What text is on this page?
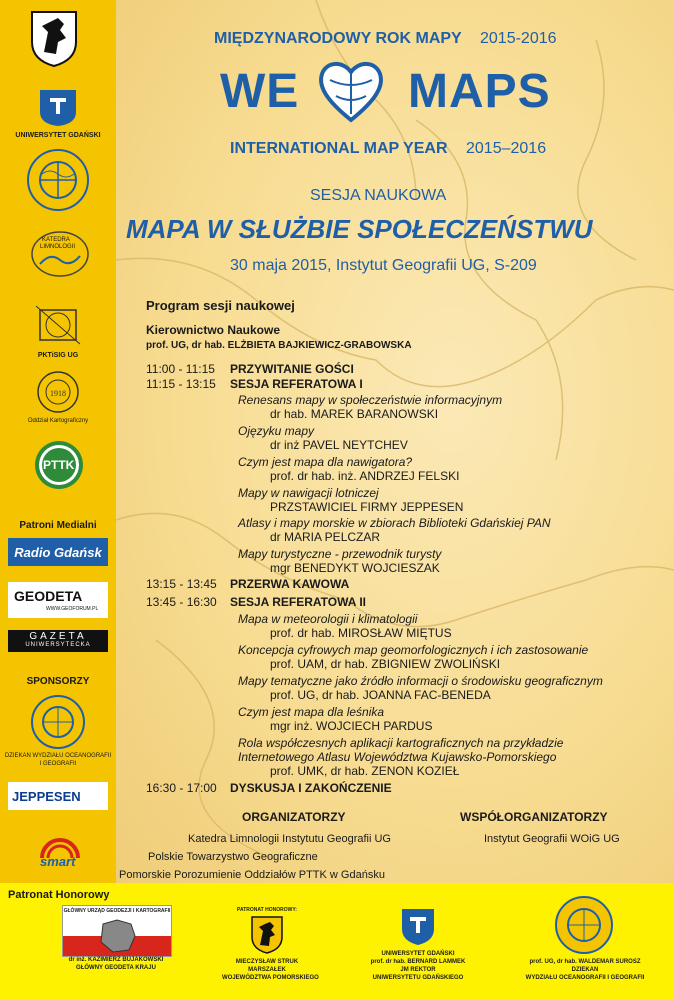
UNIWERSYTET GDAŃSKI
KATEDRA
LIMNOLOGII
PKTiSIG UG
1918
Oddział Kartograficzny
PTTK
Patroni Medialni
Radio Gdańsk
GEODETA
WWW.GEOFORUM.PL
GAZETA
UNIWERSYTECKA
SPONSORZY
DZIEKAN WYDZIAŁU OCEANOGRAFII I GEOGRAFII
JEPPESEN
smart
MIĘDZYNARODOWY ROK MAPY 2015-2016
WE MAPS
INTERNATIONAL MAP YEAR 2015–2016
SESJA NAUKOWA
MAPA W SŁUŻBIE SPOŁECZEŃSTWU
30 maja 2015, Instytut Geografii UG, S-209
Program sesji naukowej
Kierownictwo Naukowe
prof. UG, dr hab. ELŻBIETA BAJKIEWICZ-GRABOWSKA
11:00 - 11:15 PRZYWITANIE GOŚCI
11:15 - 13:15 SESJA REFERATOWA I
Renesans mapy w społeczeństwie informacyjnym
dr hab. MAREK BARANOWSKI
Ojęzyku mapy
dr inż PAVEL NEYTCHEV
Czym jest mapa dla nawigatora?
prof. dr hab. inż. ANDRZEJ FELSKI
Mapy w nawigacji lotniczej
PRZSTAWICIEL FIRMY JEPPESEN
Atlasy i mapy morskie w zbiorach Biblioteki Gdańskiej PAN
dr MARIA PELCZAR
Mapy turystyczne - przewodnik turysty
mgr BENEDYKT WOJCIESZAK
13:15 - 13:45 PRZERWA KAWOWA
13:45 - 16:30 SESJA REFERATOWA II
Mapa w meteorologii i klimatologii
prof. dr hab. MIROSŁAW MIĘTUS
Koncepcja cyfrowych map geomorfologicznych i ich zastosowanie
prof. UAM, dr hab. ZBIGNIEW ZWOLIŃSKI
Mapy tematyczne jako źródło informacji o środowisku geograficznym
prof. UG, dr hab. JOANNA FAC-BENEDA
Czym jest mapa dla leśnika
mgr inż. WOJCIECH PARDUS
Rola współczesnych aplikacji kartograficznych na przykładzie
Internetowego Atlasu Województwa Kujawsko-Pomorskiego
prof. UMK, dr hab. ZENON KOZIEŁ
16:30 - 17:00 DYSKUSJA I ZAKOŃCZENIE
ORGANIZATORZY
Katedra Limnologii Instytutu Geografii UG
Polskie Towarzystwo Geograficzne
Pomorskie Porozumienie Oddziałów PTTK w Gdańsku
WSPÓŁORGANIZATORZY
Instytut Geografii WOiG UG
Patronat Honorowy
GŁÓWNY URZĄD GEODEZJI I KARTOGRAFII
dr inż. KAZIMIERZ BUJAKOWSKI
GŁÓWNY GEODETA KRAJU
PATRONAT HONOROWY:
MIECZYSŁAW STRUK
MARSZAŁEK
WOJEWÓDZTWA POMORSKIEGO
UNIWERSYTET GDAŃSKI
prof. dr hab. BERNARD LAMMEK
JM REKTOR
UNIWERSYTETU GDAŃSKIEGO
prof. UG, dr hab. WALDEMAR SUROSZ
DZIEKAN
WYDZIAŁU OCEANOGRAFII I GEOGRAFII
